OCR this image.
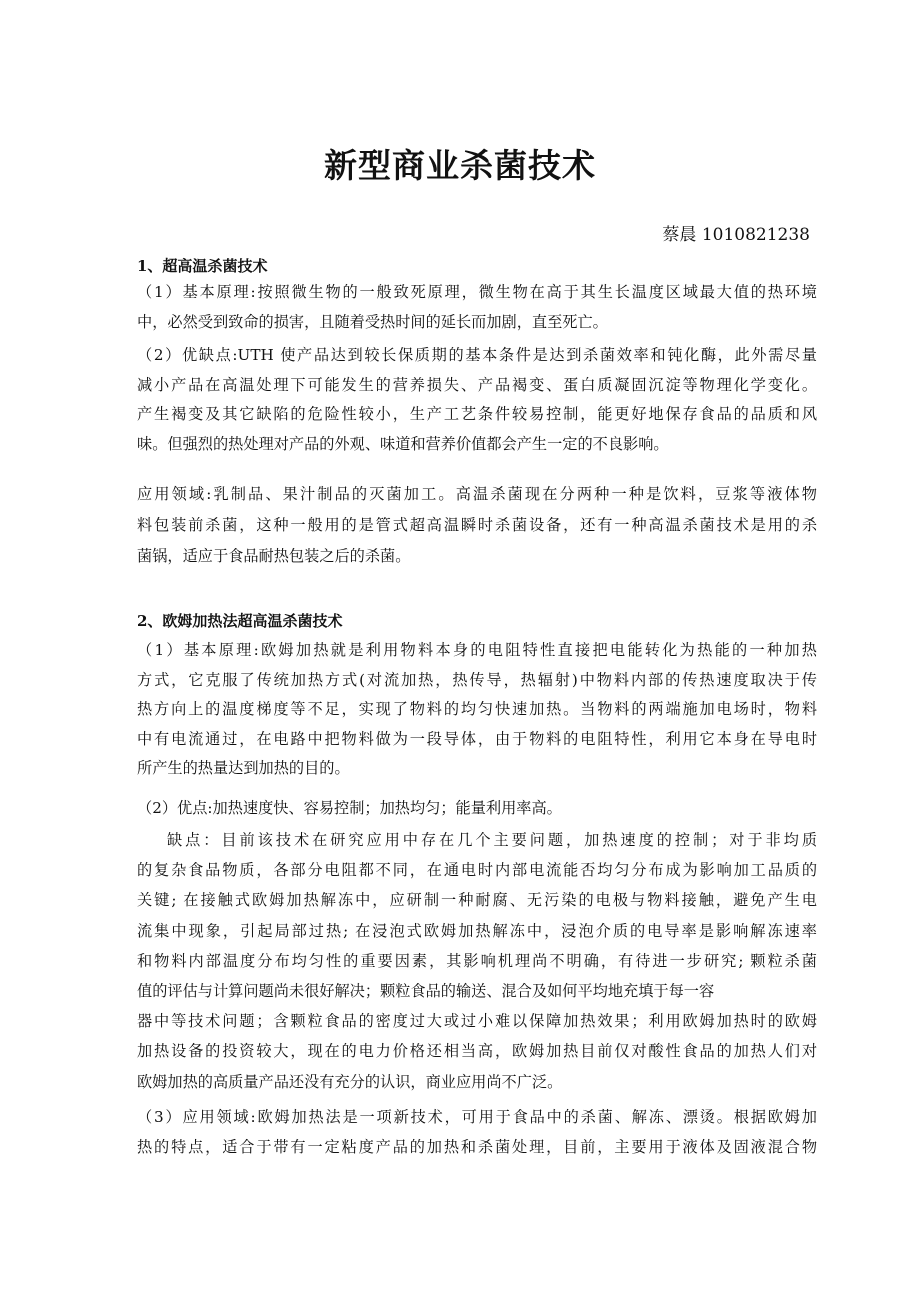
新型商业杀菌技术
蔡晨 1010821238
1、超高温杀菌技术
（1）基本原理:按照微生物的一般致死原理，微生物在高于其生长温度区域最大值的热环境
中，必然受到致命的损害，且随着受热时间的延长而加剧，直至死亡。
（2）优缺点:UTH 使产品达到较长保质期的基本条件是达到杀菌效率和钝化酶，此外需尽量
减小产品在高温处理下可能发生的营养损失、产品褐变、蛋白质凝固沉淀等物理化学变化。
产生褐变及其它缺陷的危险性较小，生产工艺条件较易控制，能更好地保存食品的品质和风
味。但强烈的热处理对产品的外观、味道和营养价值都会产生一定的不良影响。
应用领域:乳制品、果汁制品的灭菌加工。高温杀菌现在分两种一种是饮料，豆浆等液体物
料包装前杀菌，这种一般用的是管式超高温瞬时杀菌设备，还有一种高温杀菌技术是用的杀
菌锅，适应于食品耐热包装之后的杀菌。
2、欧姆加热法超高温杀菌技术
（1）基本原理:欧姆加热就是利用物料本身的电阻特性直接把电能转化为热能的一种加热
方式，它克服了传统加热方式(对流加热，热传导，热辐射)中物料内部的传热速度取决于传
热方向上的温度梯度等不足，实现了物料的均匀快速加热。当物料的两端施加电场时，物料
中有电流通过，在电路中把物料做为一段导体，由于物料的电阻特性，利用它本身在导电时
所产生的热量达到加热的目的。
（2）优点:加热速度快、容易控制；加热均匀；能量利用率高。
缺点：目前该技术在研究应用中存在几个主要问题，加热速度的控制；对于非均质
的复杂食品物质，各部分电阻都不同，在通电时内部电流能否均匀分布成为影响加工品质的
关键; 在接触式欧姆加热解冻中，应研制一种耐腐、无污染的电极与物料接触，避免产生电
流集中现象，引起局部过热; 在浸泡式欧姆加热解冻中，浸泡介质的电导率是影响解冻速率
和物料内部温度分布均匀性的重要因素，其影响机理尚不明确，有待进一步研究; 颗粒杀菌
值的评估与计算问题尚未很好解决；颗粒食品的输送、混合及如何平均地充填于每一容
器中等技术问题；含颗粒食品的密度过大或过小难以保障加热效果；利用欧姆加热时的欧姆
加热设备的投资较大，现在的电力价格还相当高，欧姆加热目前仅对酸性食品的加热人们对
欧姆加热的高质量产品还没有充分的认识，商业应用尚不广泛。
（3）应用领域:欧姆加热法是一项新技术，可用于食品中的杀菌、解冻、漂烫。根据欧姆加
热的特点，适合于带有一定粘度产品的加热和杀菌处理，目前，主要用于液体及固液混合物
